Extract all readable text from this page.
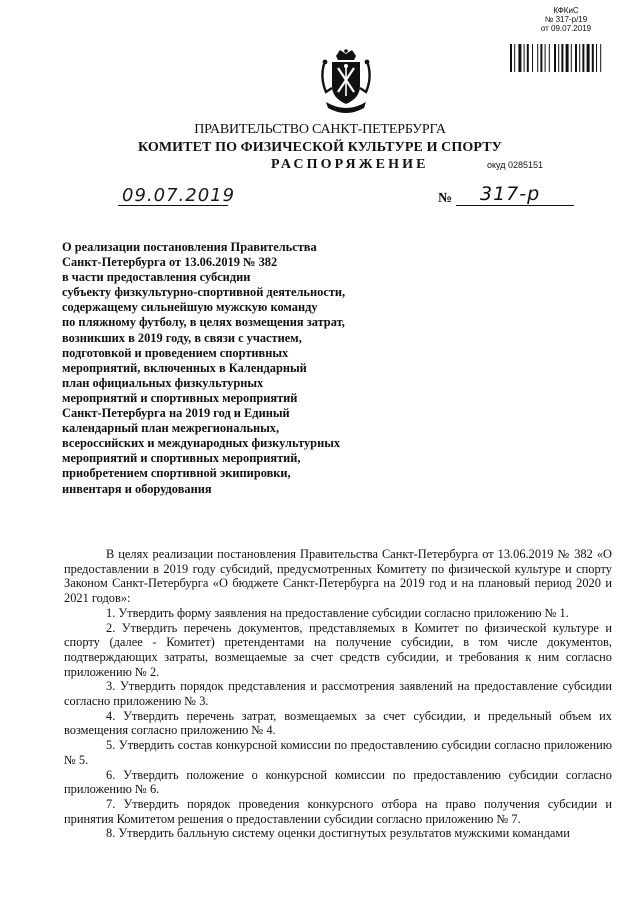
КФКиС
№ 317-р/19
от 09.07.2019
ПРАВИТЕЛЬСТВО САНКТ-ПЕТЕРБУРГА
КОМИТЕТ ПО ФИЗИЧЕСКОЙ КУЛЬТУРЕ И СПОРТУ
РАСПОРЯЖЕНИЕ	окуд 0285151
09.07.2019	№ 317-р
О реализации постановления Правительства
Санкт-Петербурга от 13.06.2019 № 382
в части предоставления субсидии
субъекту физкультурно-спортивной деятельности,
содержащему сильнейшую мужскую команду
по пляжному футболу, в целях возмещения затрат,
возникших в 2019 году, в связи с участием,
подготовкой и проведением спортивных
мероприятий, включенных в Календарный
план официальных физкультурных
мероприятий и спортивных мероприятий
Санкт-Петербурга на 2019 год и Единый
календарный план межрегиональных,
всероссийских и международных физкультурных
мероприятий и спортивных мероприятий,
приобретением спортивной экипировки,
инвентаря и оборудования

В целях реализации постановления Правительства Санкт-Петербурга от 13.06.2019 № 382 «О предоставлении в 2019 году субсидий, предусмотренных Комитету по физической культуре и спорту Законом Санкт-Петербурга «О бюджете Санкт-Петербурга на 2019 год и на плановый период 2020 и 2021 годов»:

1. Утвердить форму заявления на предоставление субсидии согласно приложению № 1.

2. Утвердить перечень документов, представляемых в Комитет по физической культуре и спорту (далее - Комитет) претендентами на получение субсидии, в том числе документов, подтверждающих затраты, возмещаемые за счет средств субсидии, и требования к ним согласно приложению № 2.

3. Утвердить порядок представления и рассмотрения заявлений на предоставление субсидии согласно приложению № 3.

4. Утвердить перечень затрат, возмещаемых за счет субсидии, и предельный объем их возмещения согласно приложению № 4.

5. Утвердить состав конкурсной комиссии по предоставлению субсидии согласно приложению № 5.

6. Утвердить положение о конкурсной комиссии по предоставлению субсидии согласно приложению № 6.

7. Утвердить порядок проведения конкурсного отбора на право получения субсидии и принятия Комитетом решения о предоставлении субсидии согласно приложению № 7.

8. Утвердить балльную систему оценки достигнутых результатов мужскими командами
